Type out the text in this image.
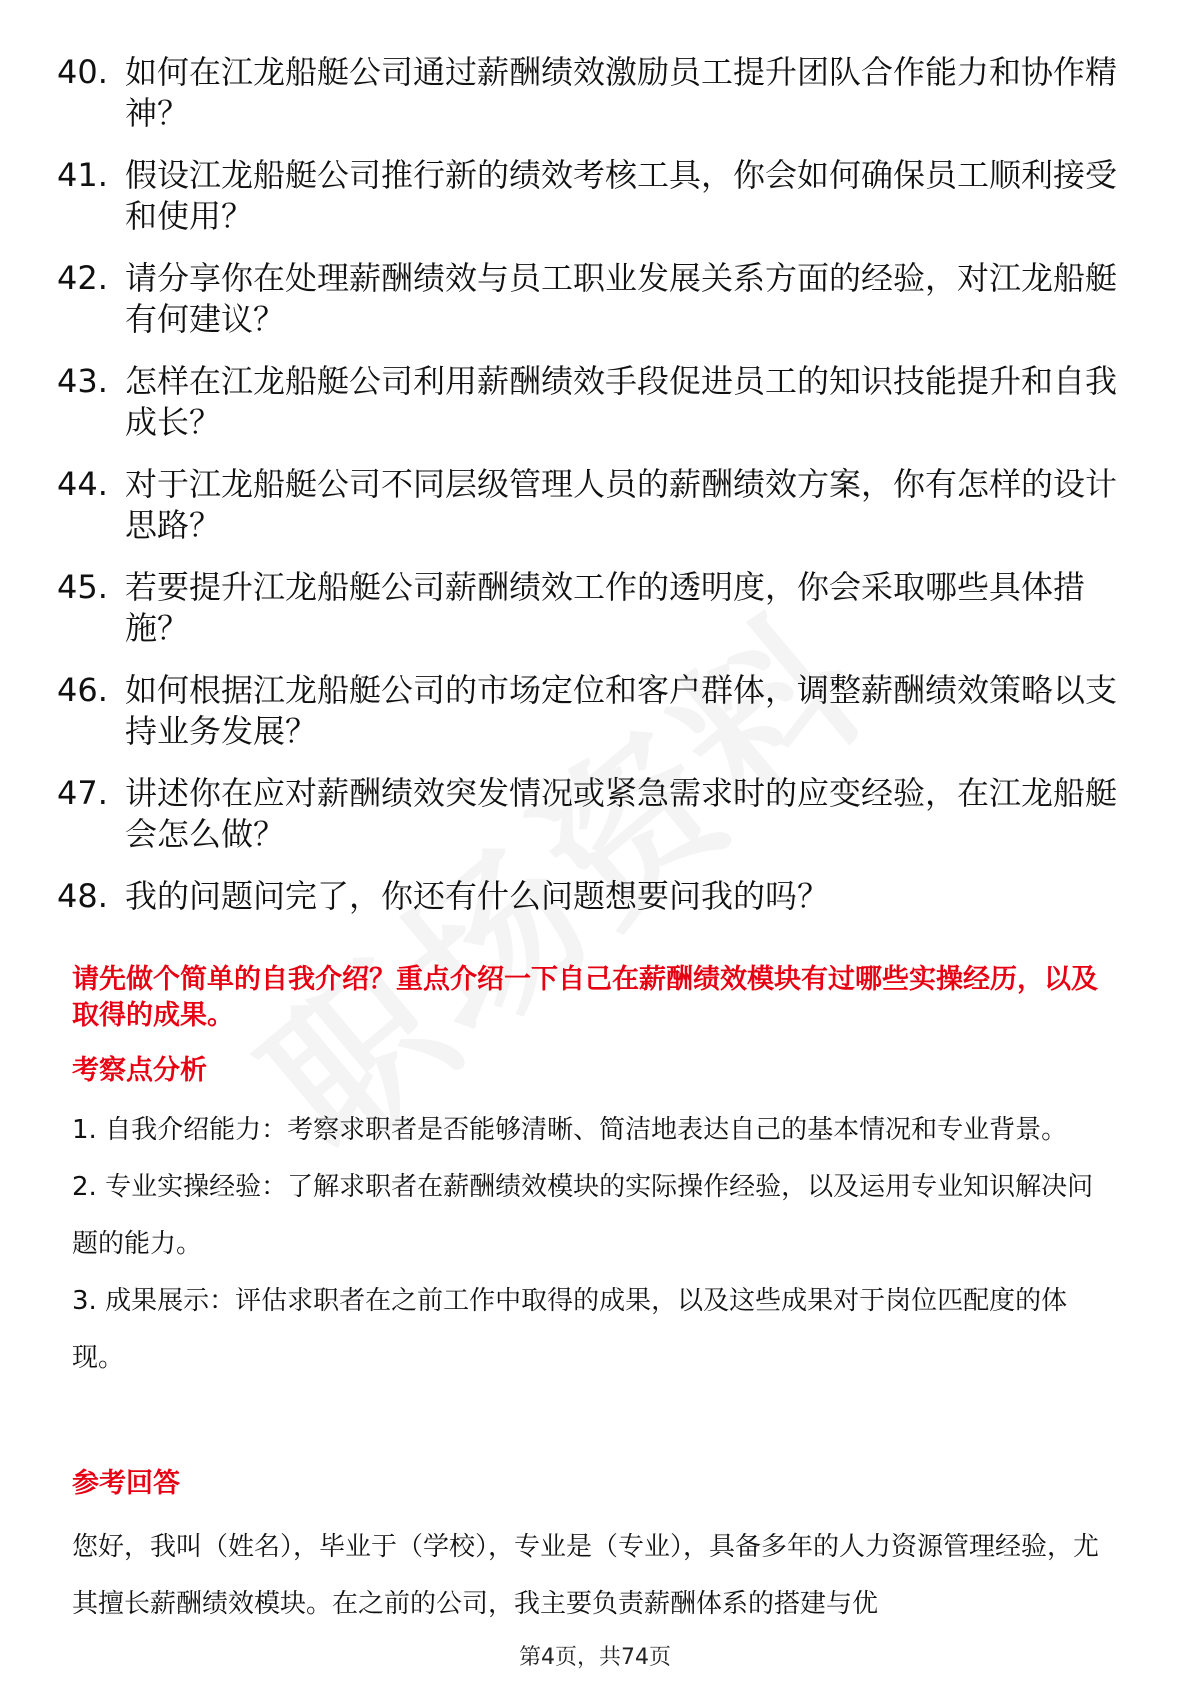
40. 如何在江龙船艇公司通过薪酬绩效激励员工提升团队合作能力和协作精神？
41. 假设江龙船艇公司推行新的绩效考核工具，你会如何确保员工顺利接受和使用？
42. 请分享你在处理薪酬绩效与员工职业发展关系方面的经验，对江龙船艇有何建议？
43. 怎样在江龙船艇公司利用薪酬绩效手段促进员工的知识技能提升和自我成长？
44. 对于江龙船艇公司不同层级管理人员的薪酬绩效方案，你有怎样的设计思路？
45. 若要提升江龙船艇公司薪酬绩效工作的透明度，你会采取哪些具体措施？
46. 如何根据江龙船艇公司的市场定位和客户群体，调整薪酬绩效策略以支持业务发展？
47. 讲述你在应对薪酬绩效突发情况或紧急需求时的应变经验，在江龙船艇会怎么做？
48. 我的问题问完了，你还有什么问题想要问我的吗？
请先做个简单的自我介绍？重点介绍一下自己在薪酬绩效模块有过哪些实操经历，以及取得的成果。
考察点分析

1. 自我介绍能力：考察求职者是否能够清晰、简洁地表达自己的基本情况和专业背景。

2. 专业实操经验：了解求职者在薪酬绩效模块的实际操作经验，以及运用专业知识解决问题的能力。

3. 成果展示：评估求职者在之前工作中取得的成果，以及这些成果对于岗位匹配度的体现。

参考回答

您好，我叫（姓名），毕业于（学校），专业是（专业），具备多年的人力资源管理经验，尤其擅长薪酬绩效模块。在之前的公司，我主要负责薪酬体系的搭建与优

第4页，共74页
